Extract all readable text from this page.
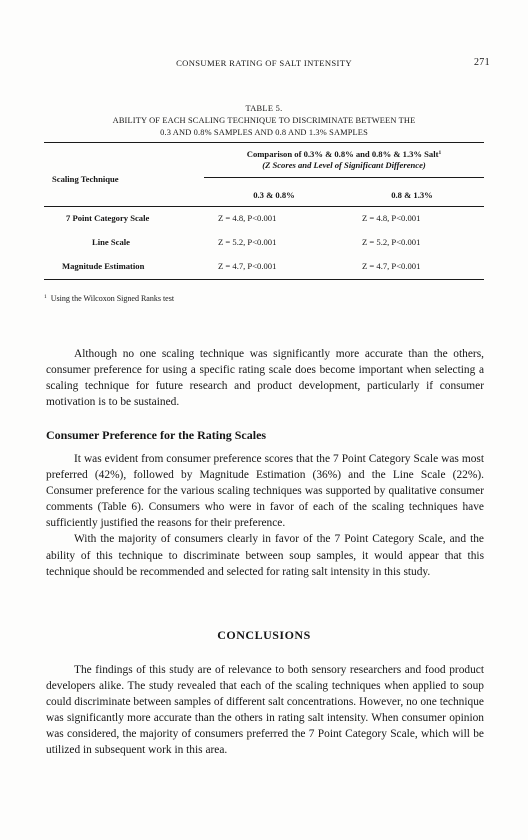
CONSUMER RATING OF SALT INTENSITY	271
TABLE 5.
ABILITY OF EACH SCALING TECHNIQUE TO DISCRIMINATE BETWEEN THE
0.3 AND 0.8% SAMPLES AND 0.8 AND 1.3% SAMPLES
Comparison of 0.3% & 0.8% and 0.8% & 1.3% Salt$^1$
(Z Scores and Level of Significant Difference)
Scaling Technique
0.3 & 0.8%	0.8 & 1.3%
7 Point Category Scale	Z = 4.8, P<0.001	Z = 4.8, P<0.001
Line Scale	Z = 5.2, P<0.001	Z = 5.2, P<0.001
Magnitude Estimation	Z = 4.7, P<0.001	Z = 4.7, P<0.001
$^1$ Using the Wilcoxon Signed Ranks test

Although no one scaling technique was significantly more accurate than the others, consumer preference for using a specific rating scale does become important when selecting a scaling technique for future research and product development, particularly if consumer motivation is to be sustained.

Consumer Preference for the Rating Scales

It was evident from consumer preference scores that the 7 Point Category Scale was most preferred (42%), followed by Magnitude Estimation (36%) and the Line Scale (22%). Consumer preference for the various scaling techniques was supported by qualitative consumer comments (Table 6). Consumers who were in favor of each of the scaling techniques have sufficiently justified the reasons for their preference.

With the majority of consumers clearly in favor of the 7 Point Category Scale, and the ability of this technique to discriminate between soup samples, it would appear that this technique should be recommended and selected for rating salt intensity in this study.

CONCLUSIONS

The findings of this study are of relevance to both sensory researchers and food product developers alike. The study revealed that each of the scaling techniques when applied to soup could discriminate between samples of different salt concentrations. However, no one technique was significantly more accurate than the others in rating salt intensity. When consumer opinion was considered, the majority of consumers preferred the 7 Point Category Scale, which will be utilized in subsequent work in this area.
